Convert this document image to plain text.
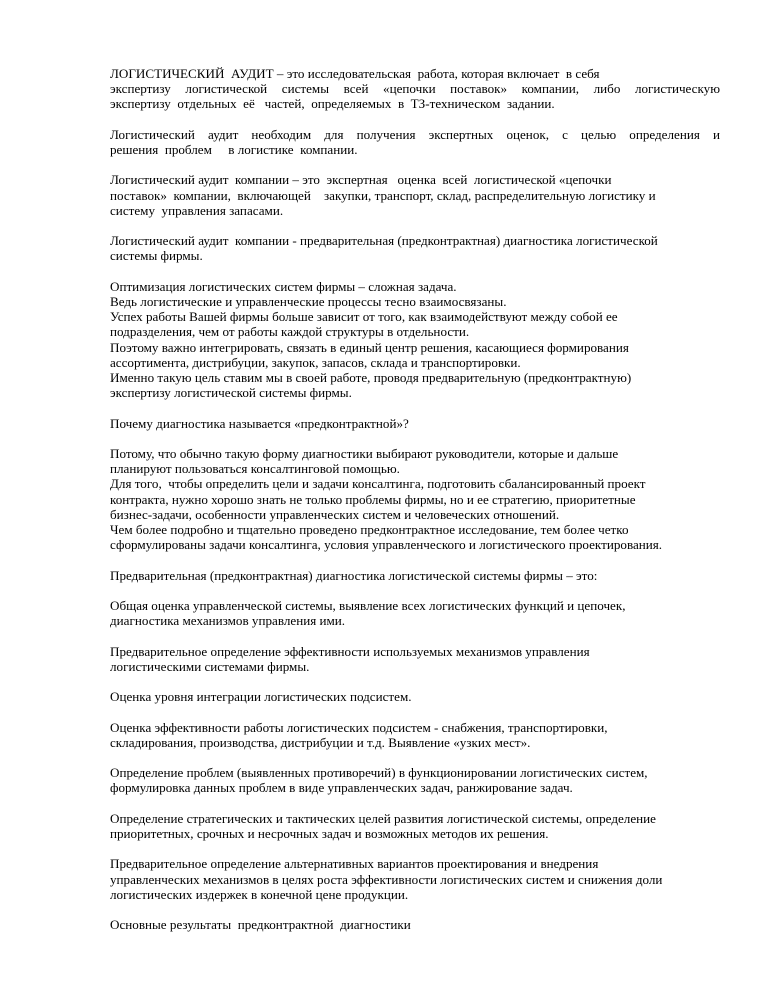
ЛОГИСТИЧЕСКИЙ  АУДИТ – это исследовательская  работа, которая включает  в себя
экспертизу логистической системы всей «цепочки поставок» компании, либо логистическую
экспертизу  отдельных  её   частей,  определяемых  в  ТЗ-техническом  задании.
Логистический аудит необходим для получения экспертных оценок, с целью определения и
решения  проблем     в логистике  компании.
Логистический аудит  компании – это  экспертная   оценка  всей  логистической «цепочки
поставок»  компании,  включающей    закупки, транспорт, склад, распределительную логистику и
систему  управления запасами.
Логистический аудит  компании - предварительная (предконтрактная) диагностика логистической
системы фирмы.
Оптимизация логистических систем фирмы – сложная задача.
Ведь логистические и управленческие процессы тесно взаимосвязаны.
Успех работы Вашей фирмы больше зависит от того, как взаимодействуют между собой ее
подразделения, чем от работы каждой структуры в отдельности.
Поэтому важно интегрировать, связать в единый центр решения, касающиеся формирования
ассортимента, дистрибуции, закупок, запасов, склада и транспортировки.
Именно такую цель ставим мы в своей работе, проводя предварительную (предконтрактную)
экспертизу логистической системы фирмы.
Почему диагностика называется «предконтрактной»?
Потому, что обычно такую форму диагностики выбирают руководители, которые и дальше
планируют пользоваться консалтинговой помощью.
Для того,  чтобы определить цели и задачи консалтинга, подготовить сбалансированный проект
контракта, нужно хорошо знать не только проблемы фирмы, но и ее стратегию, приоритетные
бизнес-задачи, особенности управленческих систем и человеческих отношений.
Чем более подробно и тщательно проведено предконтрактное исследование, тем более четко
сформулированы задачи консалтинга, условия управленческого и логистического проектирования.
Предварительная (предконтрактная) диагностика логистической системы фирмы – это:
Общая оценка управленческой системы, выявление всех логистических функций и цепочек,
диагностика механизмов управления ими.
Предварительное определение эффективности используемых механизмов управления
логистическими системами фирмы.
Оценка уровня интеграции логистических подсистем.
Оценка эффективности работы логистических подсистем - снабжения, транспортировки,
складирования, производства, дистрибуции и т.д. Выявление «узких мест».
Определение проблем (выявленных противоречий) в функционировании логистических систем,
формулировка данных проблем в виде управленческих задач, ранжирование задач.
Определение стратегических и тактических целей развития логистической системы, определение
приоритетных, срочных и несрочных задач и возможных методов их решения.
Предварительное определение альтернативных вариантов проектирования и внедрения
управленческих механизмов в целях роста эффективности логистических систем и снижения доли
логистических издержек в конечной цене продукции.
Основные результаты  предконтрактной  диагностики
